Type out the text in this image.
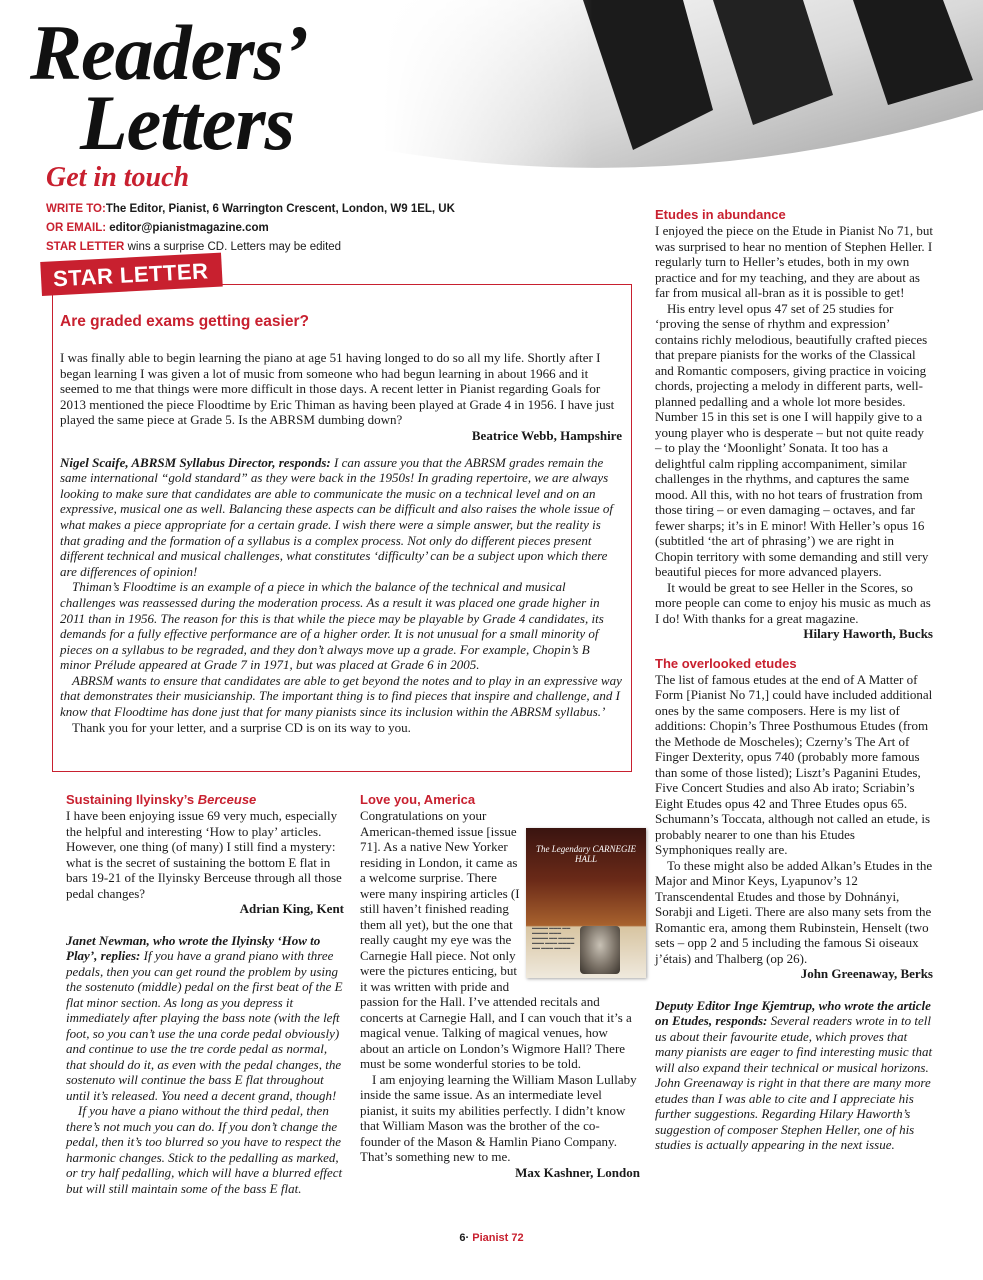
Readers’
Letters
Get in touch
WRITE TO:The Editor, Pianist, 6 Warrington Crescent, London, W9 1EL, UK
OR EMAIL: editor@pianistmagazine.com
STAR LETTER wins a surprise CD. Letters may be edited
STAR LETTER
Are graded exams getting easier?

I was finally able to begin learning the piano at age 51 having longed to do so all my life. Shortly after I began learning I was given a lot of music from someone who had begun learning in about 1966 and it seemed to me that things were more difficult in those days. A recent letter in Pianist regarding Goals for 2013 mentioned the piece Floodtime by Eric Thiman as having been played at Grade 4 in 1956. I have just played the same piece at Grade 5. Is the ABRSM dumbing down?

Beatrice Webb, Hampshire

Nigel Scaife, ABRSM Syllabus Director, responds: I can assure you that the ABRSM grades remain the same international “gold standard” as they were back in the 1950s! In grading repertoire, we are always looking to make sure that candidates are able to communicate the music on a technical level and on an expressive, musical one as well. Balancing these aspects can be difficult and also raises the whole issue of what makes a piece appropriate for a certain grade. I wish there were a simple answer, but the reality is that grading and the formation of a syllabus is a complex process. Not only do different pieces present different technical and musical challenges, what constitutes ‘difficulty’ can be a subject upon which there are differences of opinion!

Thiman’s Floodtime is an example of a piece in which the balance of the technical and musical challenges was reassessed during the moderation process. As a result it was placed one grade higher in 2011 than in 1956. The reason for this is that while the piece may be playable by Grade 4 candidates, its demands for a fully effective performance are of a higher order. It is not unusual for a small minority of pieces on a syllabus to be regraded, and they don’t always move up a grade. For example, Chopin’s B minor Prélude appeared at Grade 7 in 1971, but was placed at Grade 6 in 2005.

ABRSM wants to ensure that candidates are able to get beyond the notes and to play in an expressive way that demonstrates their musicianship. The important thing is to find pieces that inspire and challenge, and I know that Floodtime has done just that for many pianists since its inclusion within the ABRSM syllabus.’

Thank you for your letter, and a surprise CD is on its way to you.

Sustaining Ilyinsky’s Berceuse

I have been enjoying issue 69 very much, especially the helpful and interesting ‘How to play’ articles. However, one thing (of many) I still find a mystery: what is the secret of sustaining the bottom E flat in bars 19-21 of the Ilyinsky Berceuse through all those pedal changes?

Adrian King, Kent

Janet Newman, who wrote the Ilyinsky ‘How to Play’, replies: If you have a grand piano with three pedals, then you can get round the problem by using the sostenuto (middle) pedal on the first beat of the E flat minor section. As long as you depress it immediately after playing the bass note (with the left foot, so you can’t use the una corde pedal obviously) and continue to use the tre corde pedal as normal, that should do it, as even with the pedal changes, the sostenuto will continue the bass E flat throughout until it’s released. You need a decent grand, though!

If you have a piano without the third pedal, then there’s not much you can do. If you don’t change the pedal, then it’s too blurred so you have to respect the harmonic changes. Stick to the pedalling as marked, or try half pedalling, which will have a blurred effect but will still maintain some of the bass E flat.

Love you, America
The Legendary CARNEGIE HALL
▬▬▬▬ ▬▬▬ ▬▬ ▬▬▬▬ ▬▬▬ ▬▬▬▬ ▬▬ ▬▬▬▬ ▬▬▬ ▬▬▬ ▬▬▬▬ ▬▬ ▬▬▬ ▬▬▬▬

Congratulations on your American-themed issue [issue 71]. As a native New Yorker residing in London, it came as a welcome surprise. There were many inspiring articles (I still haven’t finished reading them all yet), but the one that really caught my eye was the Carnegie Hall piece. Not only were the pictures enticing, but it was written with pride and passion for the Hall. I’ve attended recitals and concerts at Carnegie Hall, and I can vouch that it’s a magical venue. Talking of magical venues, how about an article on London’s Wigmore Hall? There must be some wonderful stories to be told.

I am enjoying learning the William Mason Lullaby inside the same issue. As an intermediate level pianist, it suits my abilities perfectly. I didn’t know that William Mason was the brother of the co-founder of the Mason & Hamlin Piano Company. That’s something new to me.

Max Kashner, London

Etudes in abundance

I enjoyed the piece on the Etude in Pianist No 71, but was surprised to hear no mention of Stephen Heller. I regularly turn to Heller’s etudes, both in my own practice and for my teaching, and they are about as far from musical all-bran as it is possible to get!

His entry level opus 47 set of 25 studies for ‘proving the sense of rhythm and expression’ contains richly melodious, beautifully crafted pieces that prepare pianists for the works of the Classical and Romantic composers, giving practice in voicing chords, projecting a melody in different parts, well-planned pedalling and a whole lot more besides. Number 15 in this set is one I will happily give to a young player who is desperate – but not quite ready – to play the ‘Moonlight’ Sonata. It too has a delightful calm rippling accompaniment, similar challenges in the rhythms, and captures the same mood. All this, with no hot tears of frustration from those tiring – or even damaging – octaves, and far fewer sharps; it’s in E minor! With Heller’s opus 16 (subtitled ‘the art of phrasing’) we are right in Chopin territory with some demanding and still very beautiful pieces for more advanced players.

It would be great to see Heller in the Scores, so more people can come to enjoy his music as much as I do! With thanks for a great magazine.

Hilary Haworth, Bucks

The overlooked etudes

The list of famous etudes at the end of A Matter of Form [Pianist No 71,] could have included additional ones by the same composers. Here is my list of additions: Chopin’s Three Posthumous Etudes (from the Methode de Moscheles); Czerny’s The Art of Finger Dexterity, opus 740 (probably more famous than some of those listed); Liszt’s Paganini Etudes, Five Concert Studies and also Ab irato; Scriabin’s Eight Etudes opus 42 and Three Etudes opus 65. Schumann’s Toccata, although not called an etude, is probably nearer to one than his Etudes Symphoniques really are.

To these might also be added Alkan’s Etudes in the Major and Minor Keys, Lyapunov’s 12 Transcendental Etudes and those by Dohnányi, Sorabji and Ligeti. There are also many sets from the Romantic era, among them Rubinstein, Henselt (two sets – opp 2 and 5 including the famous Si oiseaux j’étais) and Thalberg (op 26).

John Greenaway, Berks

Deputy Editor Inge Kjemtrup, who wrote the article on Etudes, responds: Several readers wrote in to tell us about their favourite etude, which proves that many pianists are eager to find interesting music that will also expand their technical or musical horizons. John Greenaway is right in that there are many more etudes than I was able to cite and I appreciate his further suggestions. Regarding Hilary Haworth’s suggestion of composer Stephen Heller, one of his studies is actually appearing in the next issue.

6· Pianist 72
